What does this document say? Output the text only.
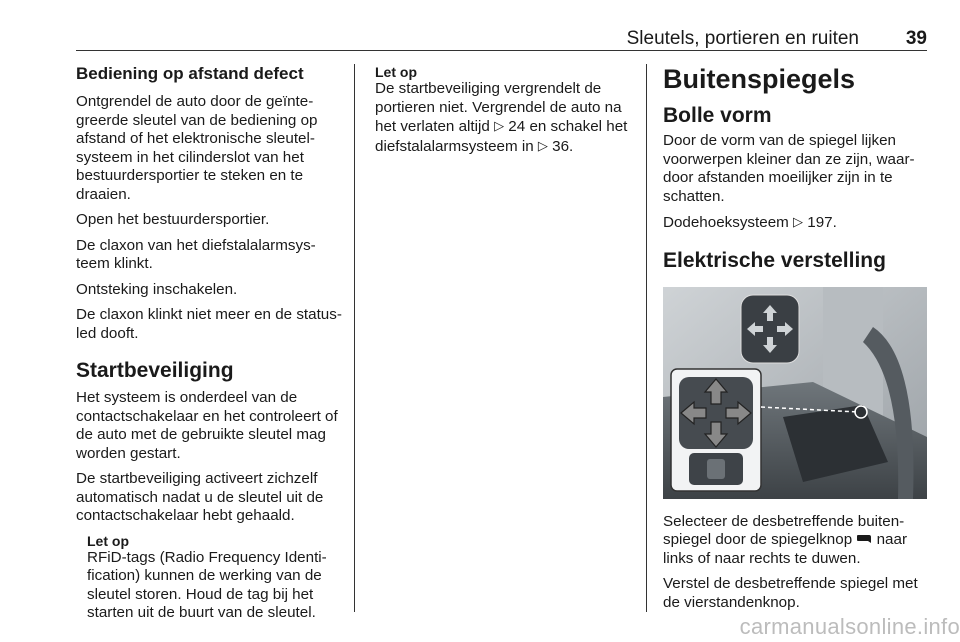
Sleutels, portieren en ruiten 39
Bediening op afstand defect

Ontgrendel de auto door de geïnte-greerde sleutel van de bediening op afstand of het elektronische sleutel-systeem in het cilinderslot van het bestuurdersportier te steken en te draaien.

Open het bestuurdersportier.

De claxon van het diefstalalarmsys-teem klinkt.

Ontsteking inschakelen.

De claxon klinkt niet meer en de status-led dooft.

Startbeveiliging

Het systeem is onderdeel van de contactschakelaar en het controleert of de auto met de gebruikte sleutel mag worden gestart.

De startbeveiliging activeert zichzelf automatisch nadat u de sleutel uit de contactschakelaar hebt gehaald.

Let op
RFiD-tags (Radio Frequency Identi-fication) kunnen de werking van de sleutel storen. Houd de tag bij het starten uit de buurt van de sleutel.
Let op
De startbeveiliging vergrendelt de portieren niet. Vergrendel de auto na het verlaten altijd ▷ 24 en schakel het diefstalalarmsysteem in ▷ 36.
Buitenspiegels
Bolle vorm

Door de vorm van de spiegel lijken voorwerpen kleiner dan ze zijn, waar-door afstanden moeilijker zijn in te schatten.

Dodehoeksysteem ▷ 197.

Elektrische verstelling

Selecteer de desbetreffende buiten-spiegel door de spiegelknop naar links of naar rechts te duwen.

Verstel de desbetreffende spiegel met de vierstandenknop.

carmanualsonline.info
